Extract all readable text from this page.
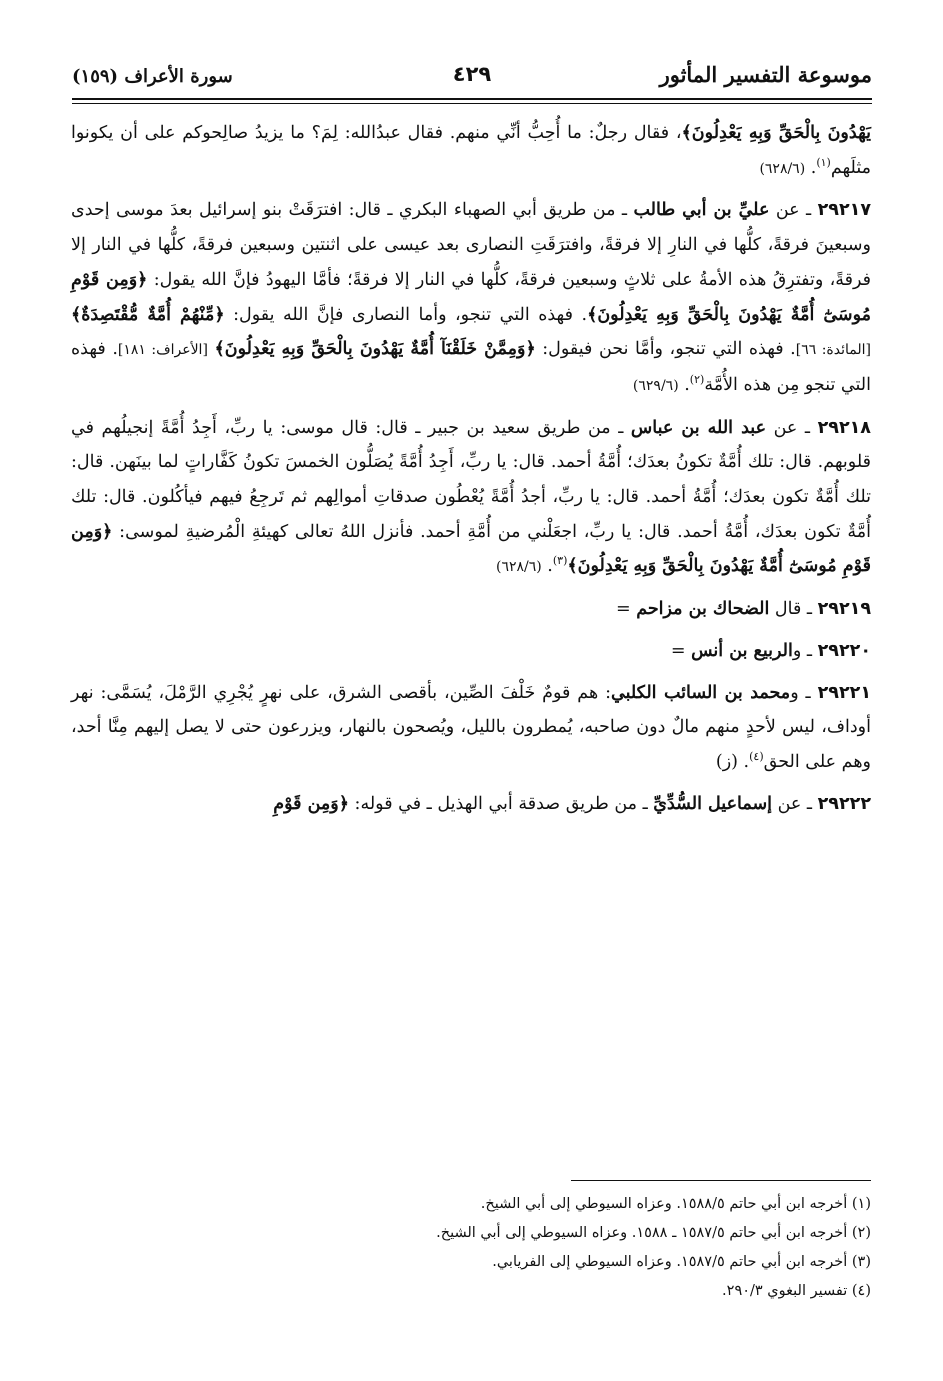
موسوعة التفسير المأثور
٤٢٩
سورة الأعراف (١٥٩)

يَهْدُونَ بِالْحَقِّ وَبِهِ يَعْدِلُونَ﴾، فقال رجلٌ: ما أُحِبُّ أنِّي منهم. فقال عبدُالله: لِمَ؟ ما يزيدُ صالِحوكم على أن يكونوا مثلَهم$^{(١)}$. (٦٢٨/٦)

٢٩٢١٧ ـ عن عليِّ بن أبي طالب ـ من طريق أبي الصهباء البكري ـ قال: افترَقَتْ بنو إسرائيل بعدَ موسى إحدى وسبعينَ فرقةً، كلُّها في النارِ إلا فرقةً، وافترَقَتِ النصارى بعد عيسى على اثنتين وسبعين فرقةً، كلُّها في النار إلا فرقةً، وتفترِقُ هذه الأمةُ على ثلاثٍ وسبعين فرقةً، كلُّها في النار إلا فرقةً؛ فأمَّا اليهودُ فإنَّ الله يقول: ﴿وَمِن قَوْمِ مُوسَىٰٓ أُمَّةٌ يَهْدُونَ بِالْحَقِّ وَبِهِ يَعْدِلُونَ﴾. فهذه التي تنجو، وأما النصارى فإنَّ الله يقول: ﴿مِّنْهُمْ أُمَّةٌ مُّقْتَصِدَةٌ﴾ [المائدة: ٦٦]. فهذه التي تنجو، وأمَّا نحن فيقول: ﴿وَمِمَّنْ خَلَقْنَآ أُمَّةٌ يَهْدُونَ بِالْحَقِّ وَبِهِ يَعْدِلُونَ﴾ [الأعراف: ١٨١]. فهذه التي تنجو مِن هذه الأُمَّة$^{(٢)}$. (٦٢٩/٦)

٢٩٢١٨ ـ عن عبد الله بن عباس ـ من طريق سعيد بن جبير ـ قال: قال موسى: يا ربِّ، أَجِدُ أُمَّةً إنجيلُهم في قلوبهم. قال: تلك أُمَّةٌ تكونُ بعدَك؛ أُمَّةُ أحمد. قال: يا ربِّ، أَجِدُ أُمَّةً يُصَلُّون الخمسَ تكونُ كَفَّاراتٍ لما بينَهن. قال: تلك أُمَّةٌ تكون بعدَك؛ أُمَّةُ أحمد. قال: يا ربِّ، أجدُ أُمَّةً يُعْطُون صدقاتِ أموالِهم ثم تَرجِعُ فيهم فيأكُلون. قال: تلك أُمَّةٌ تكون بعدَك، أُمَّةُ أحمد. قال: يا ربِّ، اجعَلْني من أُمَّةِ أحمد. فأنزل اللهُ تعالى كهيئةِ الْمُرضيةِ لموسى: ﴿وَمِن قَوْمِ مُوسَىٰٓ أُمَّةٌ يَهْدُونَ بِالْحَقِّ وَبِهِ يَعْدِلُونَ﴾$^{(٣)}$. (٦٢٨/٦)

٢٩٢١٩ ـ قال الضحاك بن مزاحم =

٢٩٢٢٠ ـ والربيع بن أنس =

٢٩٢٢١ ـ ومحمد بن السائب الكلبي: هم قومٌ خَلْفَ الصِّين، بأقصى الشرق، على نهرٍ يُجْرِي الرَّمْلَ، يُسَمَّى: نهر أوداف، ليس لأحدٍ منهم مالٌ دون صاحبه، يُمطرون بالليل، ويُصحون بالنهار، ويزرعون حتى لا يصل إليهم مِنَّا أحد، وهم على الحق$^{(٤)}$. (ز)

٢٩٢٢٢ ـ عن إسماعيل السُّدِّيِّ ـ من طريق صدقة أبي الهذيل ـ في قوله: ﴿وَمِن قَوْمِ

(١) أخرجه ابن أبي حاتم ١٥٨٨/٥. وعزاه السيوطي إلى أبي الشيخ.

(٢) أخرجه ابن أبي حاتم ١٥٨٧/٥ ـ ١٥٨٨. وعزاه السيوطي إلى أبي الشيخ.

(٣) أخرجه ابن أبي حاتم ١٥٨٧/٥. وعزاه السيوطي إلى الفريابي.

(٤) تفسير البغوي ٢٩٠/٣.
